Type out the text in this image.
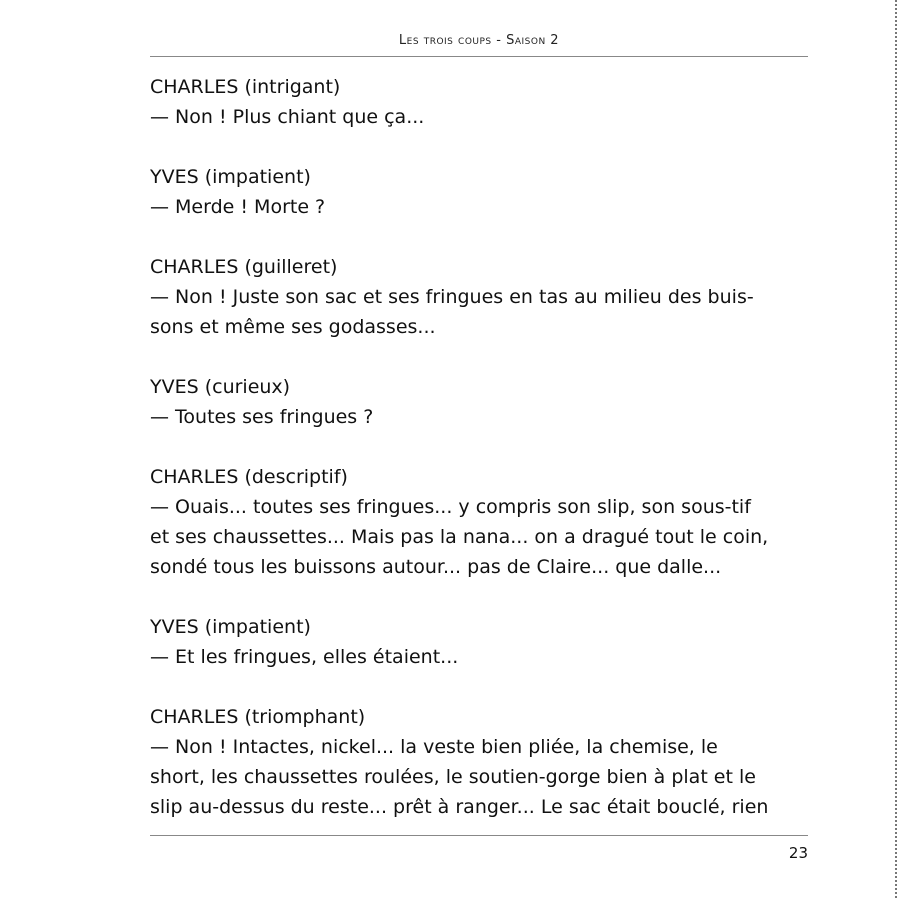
Les trois coups - Saison 2
CHARLES (intrigant)
— Non ! Plus chiant que ça...
YVES (impatient)
— Merde ! Morte ?
CHARLES (guilleret)
— Non ! Juste son sac et ses fringues en tas au milieu des buis-
sons et même ses godasses...
YVES (curieux)
— Toutes ses fringues ?
CHARLES (descriptif)
— Ouais... toutes ses fringues... y compris son slip, son sous-tif
et ses chaussettes... Mais pas la nana... on a dragué tout le coin,
sondé tous les buissons autour... pas de Claire... que dalle...
YVES (impatient)
— Et les fringues, elles étaient...
CHARLES (triomphant)
— Non ! Intactes, nickel... la veste bien pliée, la chemise, le
short, les chaussettes roulées, le soutien-gorge bien à plat et le
slip au-dessus du reste... prêt à ranger... Le sac était bouclé, rien
23
